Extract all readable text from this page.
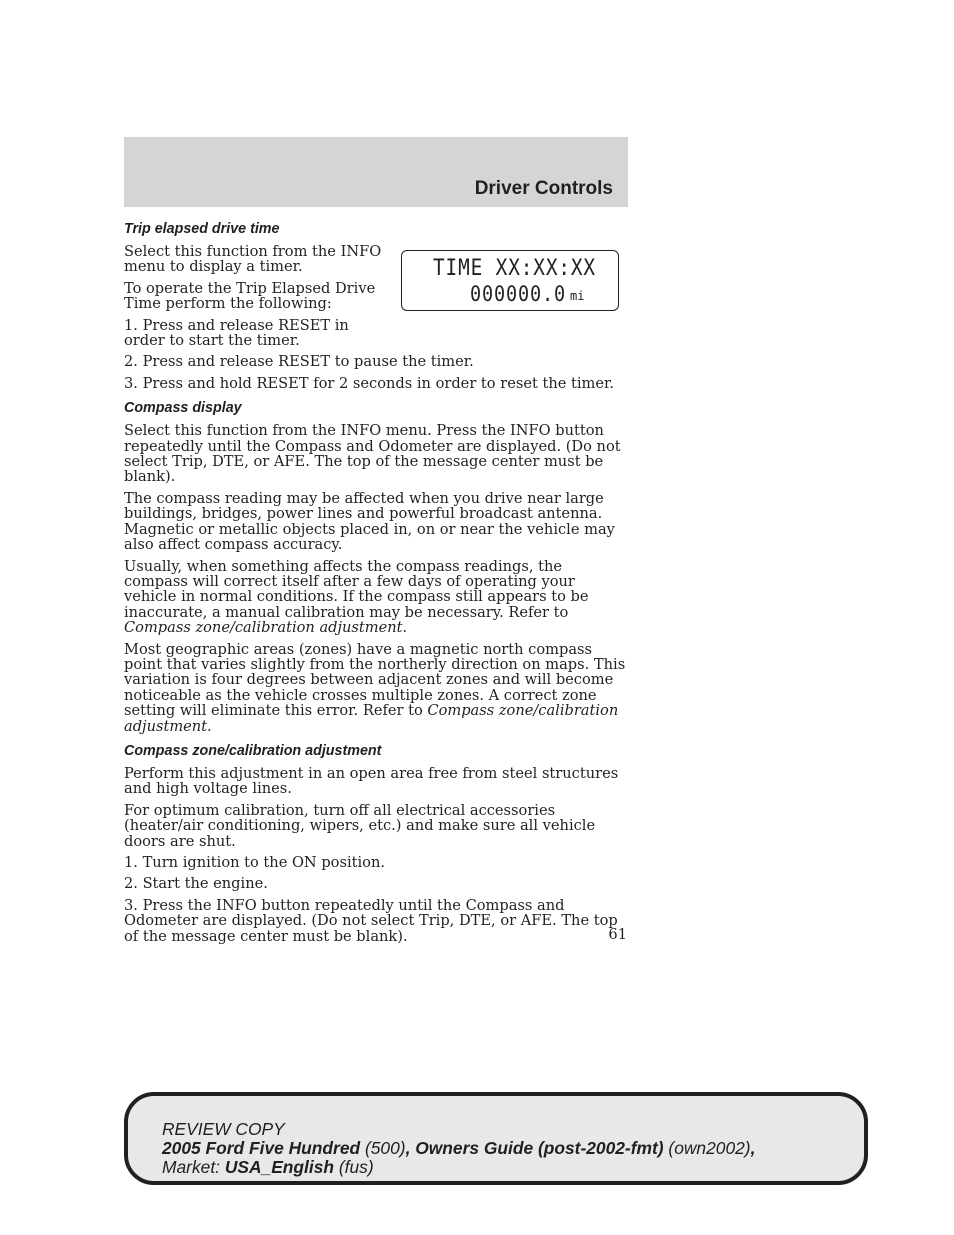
Driver Controls
TIME XX:XX:XX
000000.0 mi
Trip elapsed drive time

Select this function from the INFO menu to display a timer.

To operate the Trip Elapsed Drive Time perform the following:

1. Press and release RESET in order to start the timer.

2. Press and release RESET to pause the timer.

3. Press and hold RESET for 2 seconds in order to reset the timer.

Compass display

Select this function from the INFO menu. Press the INFO button repeatedly until the Compass and Odometer are displayed. (Do not select Trip, DTE, or AFE. The top of the message center must be blank).

The compass reading may be affected when you drive near large buildings, bridges, power lines and powerful broadcast antenna. Magnetic or metallic objects placed in, on or near the vehicle may also affect compass accuracy.

Usually, when something affects the compass readings, the compass will correct itself after a few days of operating your vehicle in normal conditions. If the compass still appears to be inaccurate, a manual calibration may be necessary. Refer to Compass zone/calibration adjustment.

Most geographic areas (zones) have a magnetic north compass point that varies slightly from the northerly direction on maps. This variation is four degrees between adjacent zones and will become noticeable as the vehicle crosses multiple zones. A correct zone setting will eliminate this error. Refer to Compass zone/calibration adjustment.

Compass zone/calibration adjustment

Perform this adjustment in an open area free from steel structures and high voltage lines.

For optimum calibration, turn off all electrical accessories (heater/air conditioning, wipers, etc.) and make sure all vehicle doors are shut.

1. Turn ignition to the ON position.

2. Start the engine.

3. Press the INFO button repeatedly until the Compass and Odometer are displayed. (Do not select Trip, DTE, or AFE. The top of the message center must be blank).	61
REVIEW COPY
2005 Ford Five Hundred (500), Owners Guide (post-2002-fmt) (own2002),
Market: USA_English (fus)
